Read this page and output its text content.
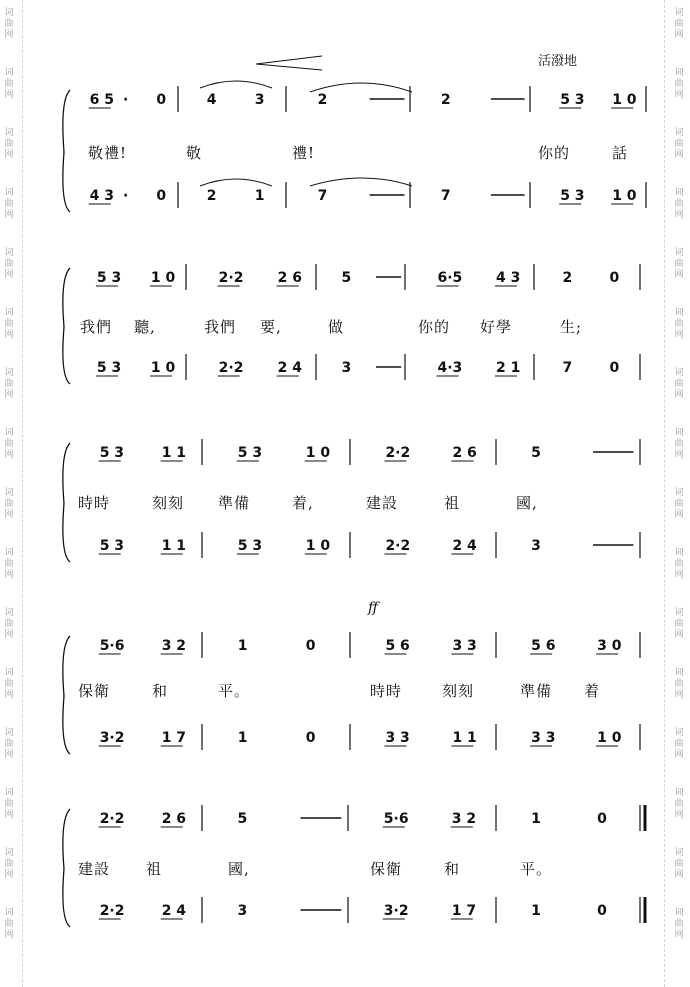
词
曲
网
词
曲
网
词
曲
网
词
曲
网
词
曲
网
词
曲
网
词
曲
网
词
曲
网
词
曲
网
词
曲
网
词
曲
网
词
曲
网
词
曲
网
词
曲
网
词
曲
网
词
曲
网
词
曲
网
词
曲
网
词
曲
网
词
曲
网
词
曲
网
词
曲
网
词
曲
网
词
曲
网
词
曲
网
词
曲
网
词
曲
网
词
曲
网
词
曲
网
词
曲
网
词
曲
网
词
曲
网
活潑地
ff
6 5 · 0	4	3	2	2	5 3 1 0
4 3 · 0	2	1	7	7	5 3 1 0
5 3 1 0	2·2 2 6	5	6·5 4 3	2	0
5 3 1 0	2·2 2 4	3	4·3 2 1	7	0
5 3	1 1	5 3	1 0	2·2	2 6	5
5 3	1 1	5 3	1 0	2·2	2 4	3
5·6	3 2	1	0	5 6	3 3	5 6	3 0
3·2	1 7	1	0	3 3	1 1	3 3	1 0
2·2	2 6	5	5·6	3 2	1	0
2·2	2 4	3	3·2	1 7	1	0
敬禮!	敬	禮!	你的	話
我們 聽,	我們 要,	做	你的 好學	生;
時時	刻刻 準備	着,	建設	祖	國,
保衛	和	平。	時時	刻刻	準備 着
建設 祖	國,	保衛	和	平。
